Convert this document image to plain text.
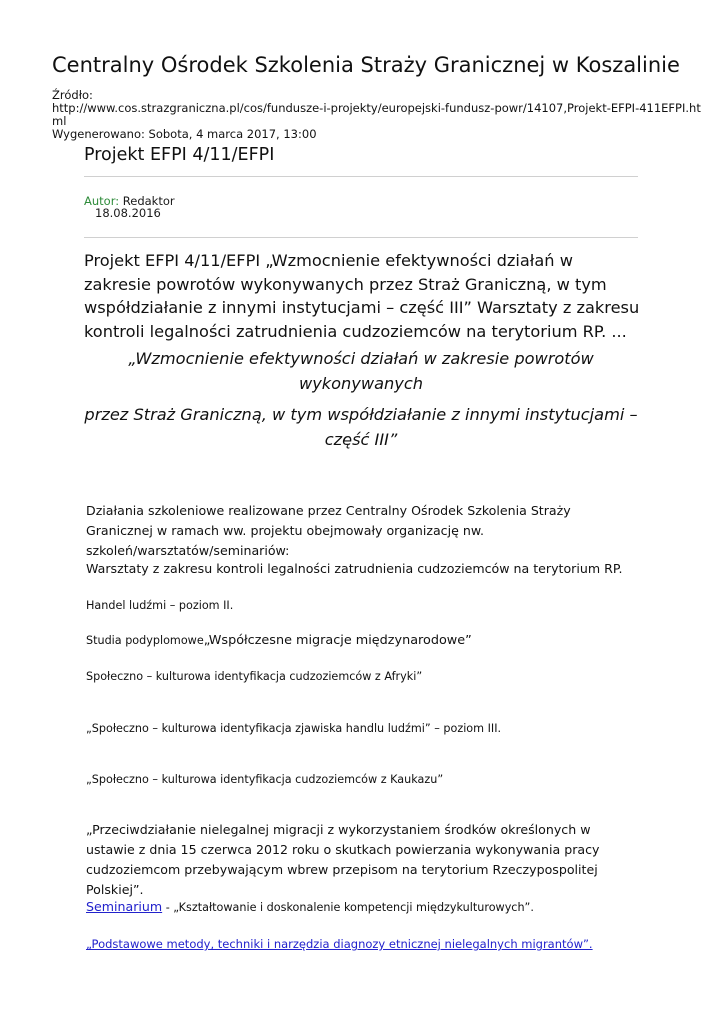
Centralny Ośrodek Szkolenia Straży Granicznej w Koszalinie
Źródło:
http://www.cos.strazgraniczna.pl/cos/fundusze-i-projekty/europejski-fundusz-powr/14107,Projekt-EFPI-411EFPI.ht
ml
Wygenerowano: Sobota, 4 marca 2017, 13:00
Projekt EFPI 4/11/EFPI
Autor: Redaktor
18.08.2016

Projekt EFPI 4/11/EFPI „Wzmocnienie efektywności działań w zakresie powrotów wykonywanych przez Straż Graniczną, w tym współdziałanie z innymi instytucjami – część III” Warsztaty z zakresu kontroli legalności zatrudnienia cudzoziemców na terytorium RP. ...

„Wzmocnienie efektywności działań w zakresie powrotów wykonywanych

przez Straż Graniczną, w tym współdziałanie z innymi instytucjami – część III”

Działania szkoleniowe realizowane przez Centralny Ośrodek Szkolenia Straży Granicznej w ramach ww. projektu obejmowały organizację nw. szkoleń/warsztatów/seminariów:

Warsztaty z zakresu kontroli legalności zatrudnienia cudzoziemców na terytorium RP.

Handel ludźmi – poziom II.

Studia podyplomowe„Współczesne migracje międzynarodowe”

Społeczno – kulturowa identyfikacja cudzoziemców z Afryki”

„Społeczno – kulturowa identyfikacja zjawiska handlu ludźmi” – poziom III.

„Społeczno – kulturowa identyfikacja cudzoziemców z Kaukazu”

„Przeciwdziałanie nielegalnej migracji z wykorzystaniem środków określonych w ustawie z dnia 15 czerwca 2012 roku o skutkach powierzania wykonywania pracy cudzoziemcom przebywającym wbrew przepisom na terytorium Rzeczypospolitej Polskiej”.

Seminarium - „Kształtowanie i doskonalenie kompetencji międzykulturowych”.

„Podstawowe metody, techniki i narzędzia diagnozy etnicznej nielegalnych migrantów”.
